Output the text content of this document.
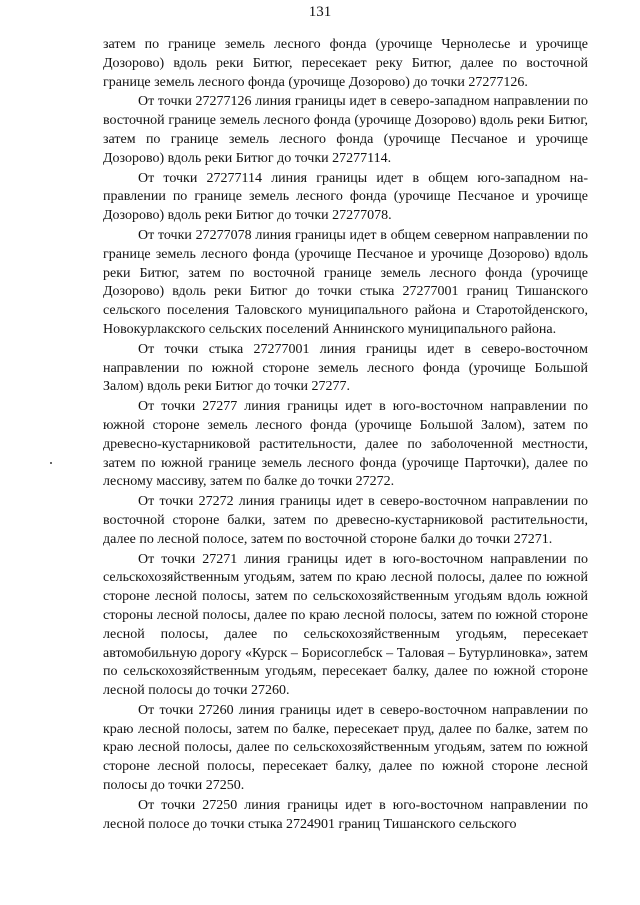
131

затем по границе земель лесного фонда (урочище Чернолесье и урочище Дозорово) вдоль реки Битюг, пересекает реку Битюг, далее по восточной границе земель лесного фонда (урочище Дозорово) до точки 27277126.

От точки 27277126 линия границы идет в северо-западном направлении по восточной границе земель лесного фонда (урочище Дозорово) вдоль реки Битюг, затем по границе земель лесного фонда (урочище Песчаное и урочище Дозорово) вдоль реки Битюг до точки 27277114.

От точки 27277114 линия границы идет в общем юго-западном направлении по границе земель лесного фонда (урочище Песчаное и урочище Дозорово) вдоль реки Битюг до точки 27277078.

От точки 27277078 линия границы идет в общем северном направлении по границе земель лесного фонда (урочище Песчаное и урочище Дозорово) вдоль реки Битюг, затем по восточной границе земель лесного фонда (урочище Дозорово) вдоль реки Битюг до точки стыка 27277001 границ Тишанского сельского поселения Таловского муниципального района и Старотойденского, Новокурлакского сельских поселений Аннинского муниципального района.

От точки стыка 27277001 линия границы идет в северо-восточном направлении по южной стороне земель лесного фонда (урочище Большой Залом) вдоль реки Битюг до точки 27277.

От точки 27277 линия границы идет в юго-восточном направлении по южной стороне земель лесного фонда (урочище Большой Залом), затем по древесно-кустарниковой растительности, далее по заболоченной местности, затем по южной границе земель лесного фонда (урочище Парточки), далее по лесному массиву, затем по балке до точки 27272.

От точки 27272 линия границы идет в северо-восточном направлении по восточной стороне балки, затем по древесно-кустарниковой растительности, далее по лесной полосе, затем по восточной стороне балки до точки 27271.

От точки 27271 линия границы идет в юго-восточном направлении по сельскохозяйственным угодьям, затем по краю лесной полосы, далее по южной стороне лесной полосы, затем по сельскохозяйственным угодьям вдоль южной стороны лесной полосы, далее по краю лесной полосы, затем по южной стороне лесной полосы, далее по сельскохозяйственным угодьям, пересекает автомобильную дорогу «Курск – Борисоглебск – Таловая – Бутурлиновка», затем по сельскохозяйственным угодьям, пересекает балку, далее по южной стороне лесной полосы до точки 27260.

От точки 27260 линия границы идет в северо-восточном направлении по краю лесной полосы, затем по балке, пересекает пруд, далее по балке, затем по краю лесной полосы, далее по сельскохозяйственным угодьям, затем по южной стороне лесной полосы, пересекает балку, далее по южной стороне лесной полосы до точки 27250.

От точки 27250 линия границы идет в юго-восточном направлении по лесной полосе до точки стыка 2724901 границ Тишанского сельского
